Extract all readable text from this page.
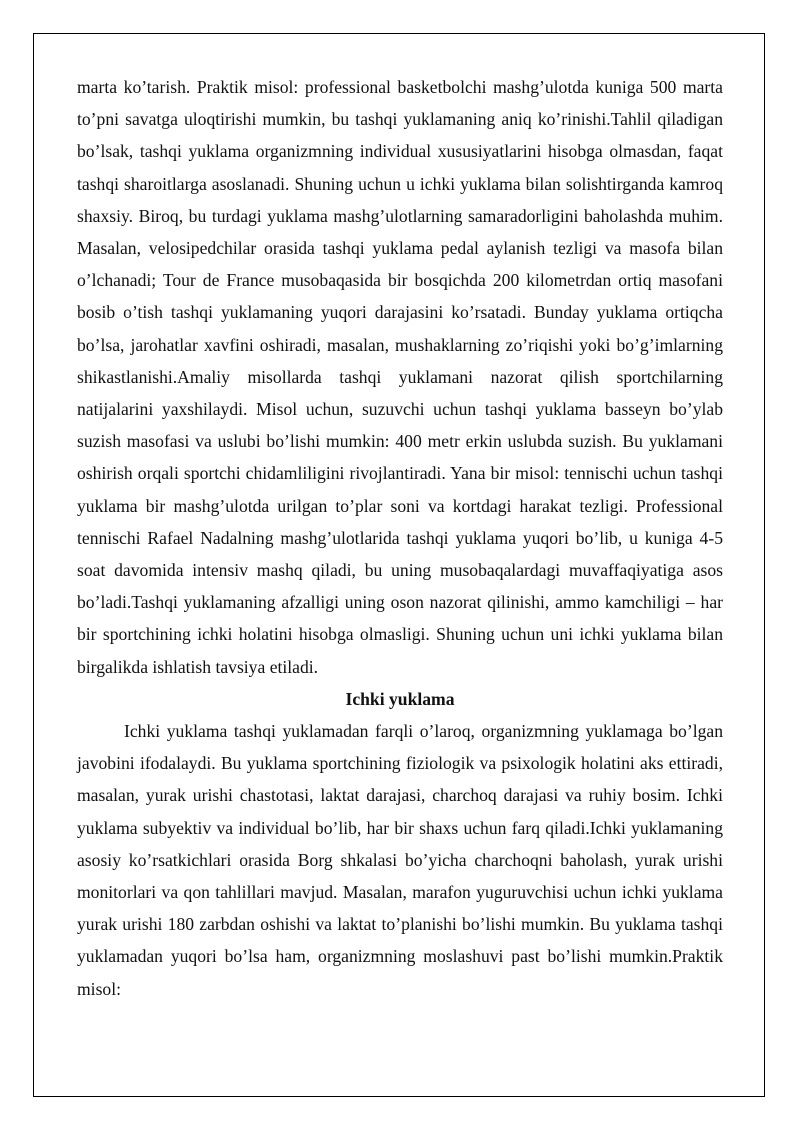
marta ko’tarish. Praktik misol: professional basketbolchi mashg’ulotda kuniga 500 marta to’pni savatga uloqtirishi mumkin, bu tashqi yuklamaning aniq ko’rinishi.Tahlil qiladigan bo’lsak, tashqi yuklama organizmning individual xususiyatlarini hisobga olmasdan, faqat tashqi sharoitlarga asoslanadi. Shuning uchun u ichki yuklama bilan solishtirganda kamroq shaxsiy. Biroq, bu turdagi yuklama mashg’ulotlarning samaradorligini baholashda muhim. Masalan, velosipedchilar orasida tashqi yuklama pedal aylanish tezligi va masofa bilan o’lchanadi; Tour de France musobaqasida bir bosqichda 200 kilometrdan ortiq masofani bosib o’tish tashqi yuklamaning yuqori darajasini ko’rsatadi. Bunday yuklama ortiqcha bo’lsa, jarohatlar xavfini oshiradi, masalan, mushaklarning zo’riqishi yoki bo’g’imlarning shikastlanishi.Amaliy misollarda tashqi yuklamani nazorat qilish sportchilarning natijalarini yaxshilaydi. Misol uchun, suzuvchi uchun tashqi yuklama basseyn bo’ylab suzish masofasi va uslubi bo’lishi mumkin: 400 metr erkin uslubda suzish. Bu yuklamani oshirish orqali sportchi chidamliligini rivojlantiradi. Yana bir misol: tennischi uchun tashqi yuklama bir mashg’ulotda urilgan to’plar soni va kortdagi harakat tezligi. Professional tennischi Rafael Nadalning mashg’ulotlarida tashqi yuklama yuqori bo’lib, u kuniga 4-5 soat davomida intensiv mashq qiladi, bu uning musobaqalardagi muvaffaqiyatiga asos bo’ladi.Tashqi yuklamaning afzalligi uning oson nazorat qilinishi, ammo kamchiligi – har bir sportchining ichki holatini hisobga olmasligi. Shuning uchun uni ichki yuklama bilan birgalikda ishlatish tavsiya etiladi.

Ichki yuklama

Ichki yuklama tashqi yuklamadan farqli o’laroq, organizmning yuklamaga bo’lgan javobini ifodalaydi. Bu yuklama sportchining fiziologik va psixologik holatini aks ettiradi, masalan, yurak urishi chastotasi, laktat darajasi, charchoq darajasi va ruhiy bosim. Ichki yuklama subyektiv va individual bo’lib, har bir shaxs uchun farq qiladi.Ichki yuklamaning asosiy ko’rsatkichlari orasida Borg shkalasi bo’yicha charchoqni baholash, yurak urishi monitorlari va qon tahlillari mavjud. Masalan, marafon yuguruvchisi uchun ichki yuklama yurak urishi 180 zarbdan oshishi va laktat to’planishi bo’lishi mumkin. Bu yuklama tashqi yuklamadan yuqori bo’lsa ham, organizmning moslashuvi past bo’lishi mumkin.Praktik misol:
